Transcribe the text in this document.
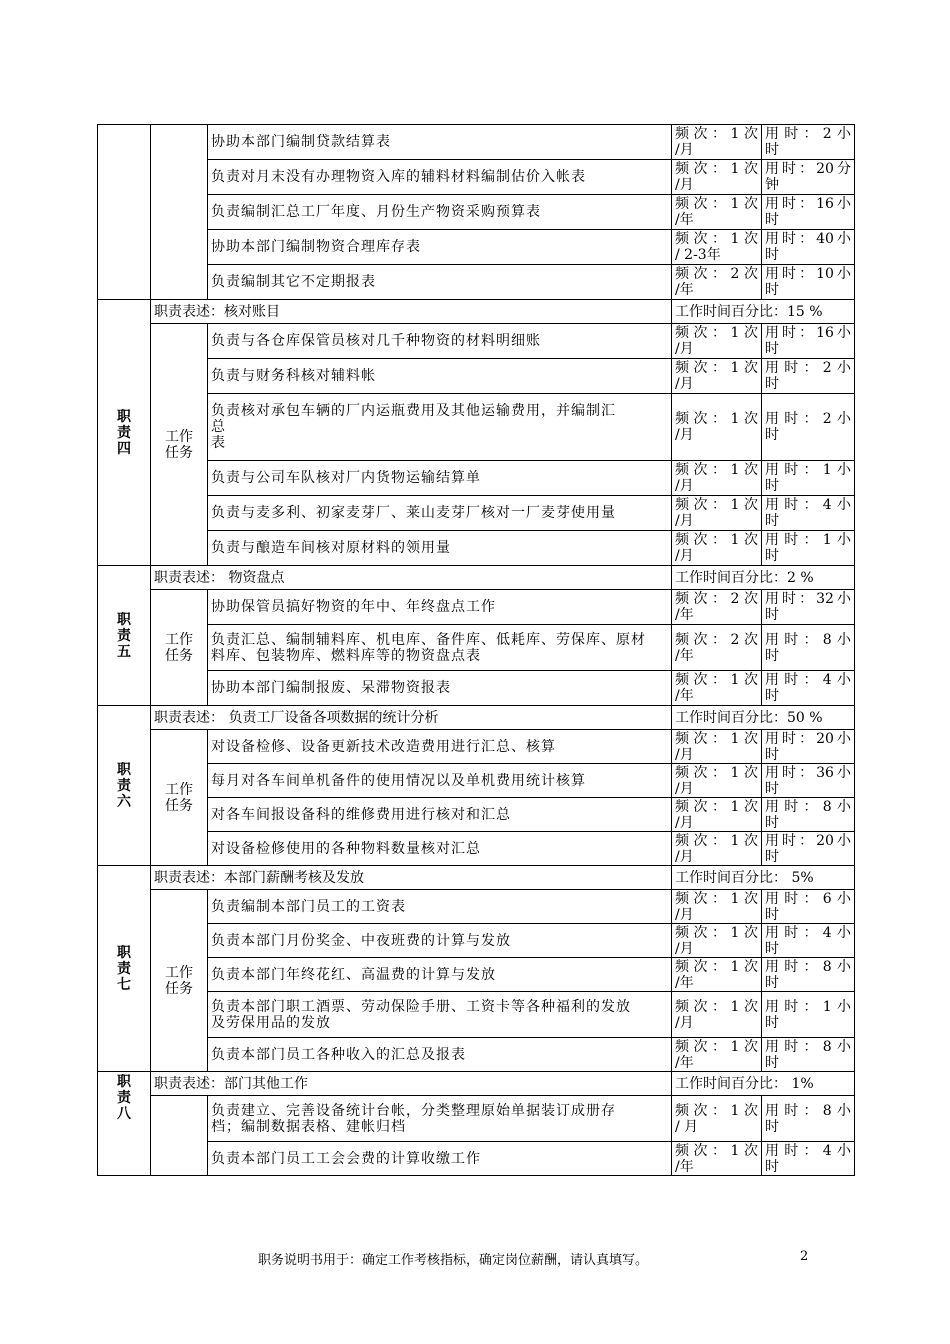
		协助本部门编制贷款结算表	频次：1次
/月	用时：2小
时

		负责对月末没有办理物资入库的辅料材料编制估价入帐表	频次：1次
/月	用时：20分
钟

		负责编制汇总工厂年度、月份生产物资采购预算表	频次：1次
/年	用时：16小
时

		协助本部门编制物资合理库存表	频次：1次
/ 2-3年	用时：40小
时

		负责编制其它不定期报表	频次：2次
/年	用时：10小
时

职
责
四	职责表述：核对账目		工作时间百分比：15 %	
	工作
任务	负责与各仓库保管员核对几千种物资的材料明细账	频次：1次
/月	用时：16小
时

		负责与财务科核对辅料帐	频次：1次
/月	用时：2小
时

		负责核对承包车辆的厂内运瓶费用及其他运输费用，并编制汇
总
表	频次：1次
/月	用时：2小
时

		负责与公司车队核对厂内货物运输结算单	频次：1次
/月	用时：1小
时

		负责与麦多利、初家麦芽厂、莱山麦芽厂核对一厂麦芽使用量	频次：1次
/月	用时：4小
时

		负责与酿造车间核对原材料的领用量	频次：1次
/月	用时：1小
时

职
责
五	职责表述： 物资盘点		工作时间百分比：2 %	
	工作
任务	协助保管员搞好物资的年中、年终盘点工作	频次：2次
/年	用时：32小
时

		负责汇总、编制辅料库、机电库、备件库、低耗库、劳保库、原材
料库、包装物库、燃料库等的物资盘点表	频次：2次
/年	用时：8小
时

		协助本部门编制报废、呆滞物资报表	频次：1次
/年	用时：4小
时

职
责
六	职责表述： 负责工厂设备各项数据的统计分析		工作时间百分比：50 %	
	工作
任务	对设备检修、设备更新技术改造费用进行汇总、核算	频次：1次
/月	用时：20小
时

		每月对各车间单机备件的使用情况以及单机费用统计核算	频次：1次
/月	用时：36小
时

		对各车间报设备科的维修费用进行核对和汇总	频次：1次
/月	用时：8小
时

		对设备检修使用的各种物料数量核对汇总	频次：1次
/月	用时：20小
时

职
责
七	职责表述：本部门薪酬考核及发放		工作时间百分比： 5%	
	工作
任务	负责编制本部门员工的工资表	频次：1次
/月	用时：6小
时

		负责本部门月份奖金、中夜班费的计算与发放	频次：1次
/月	用时：4小
时

		负责本部门年终花红、高温费的计算与发放	频次：1次
/年	用时：8小
时

		负责本部门职工酒票、劳动保险手册、工资卡等各种福利的发放
及劳保用品的发放	频次：1次
/月	用时：1小
时

		负责本部门员工各种收入的汇总及报表	频次：1次
/年	用时：8小
时

职
责
八	职责表述：部门其他工作		工作时间百分比： 1%	
		负责建立、完善设备统计台帐，分类整理原始单据装订成册存
档；编制数据表格、建帐归档	频次：1次
/ 月	用时：8小
时

		负责本部门员工工会会费的计算收缴工作	频次：1次
/年	用时：4小
时
职务说明书用于：确定工作考核指标，确定岗位薪酬，请认真填写。	2
